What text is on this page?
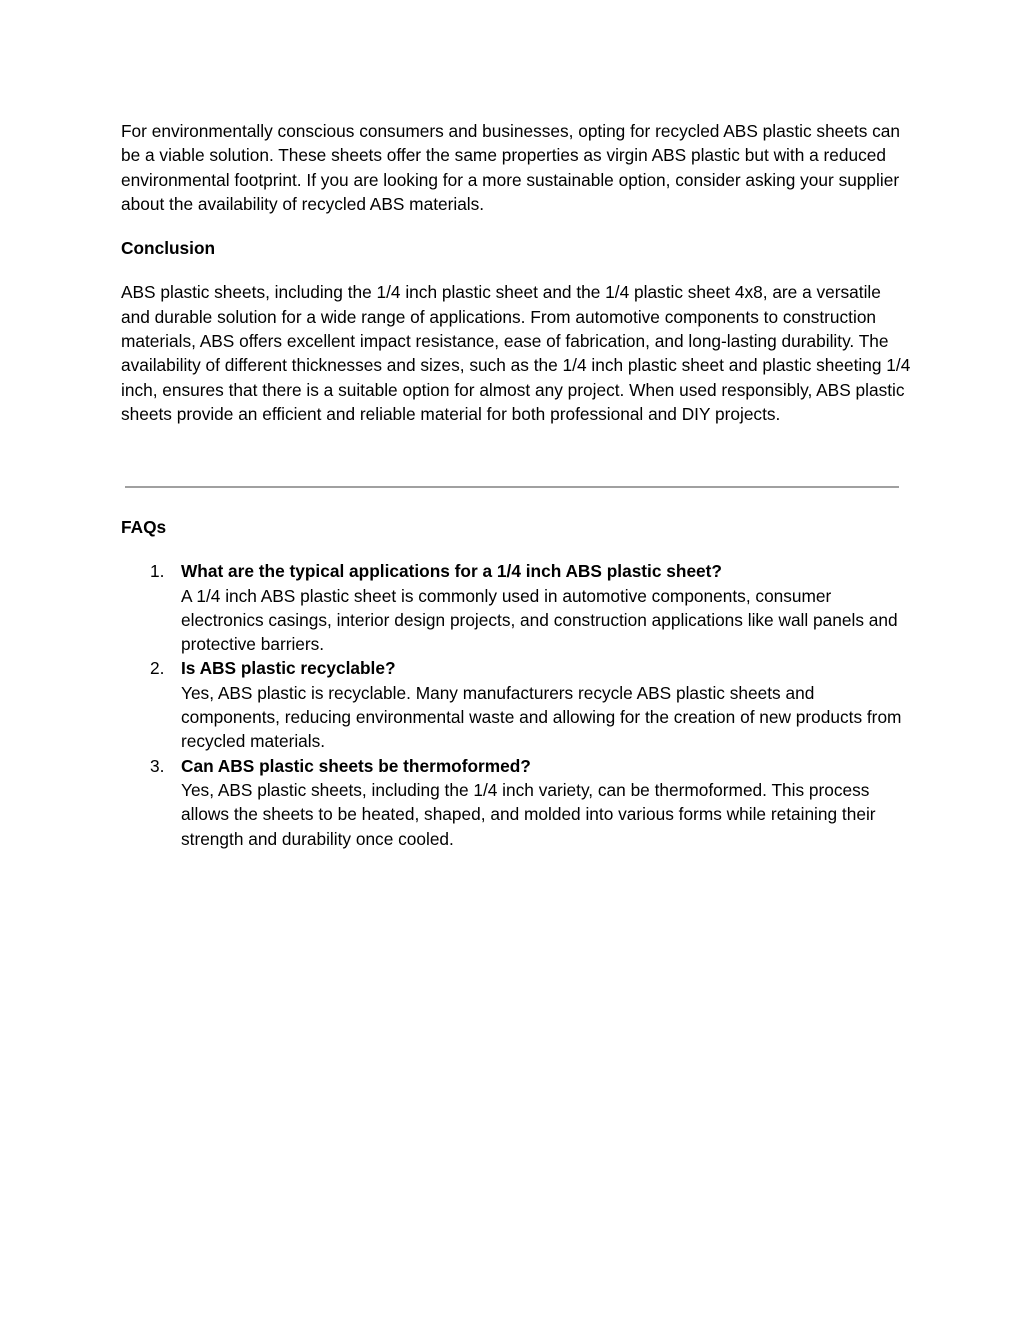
For environmentally conscious consumers and businesses, opting for recycled ABS plastic sheets can be a viable solution. These sheets offer the same properties as virgin ABS plastic but with a reduced environmental footprint. If you are looking for a more sustainable option, consider asking your supplier about the availability of recycled ABS materials.

Conclusion

ABS plastic sheets, including the 1/4 inch plastic sheet and the 1/4 plastic sheet 4x8, are a versatile and durable solution for a wide range of applications. From automotive components to construction materials, ABS offers excellent impact resistance, ease of fabrication, and long-lasting durability. The availability of different thicknesses and sizes, such as the 1/4 inch plastic sheet and plastic sheeting 1/4 inch, ensures that there is a suitable option for almost any project. When used responsibly, ABS plastic sheets provide an efficient and reliable material for both professional and DIY projects.

FAQs

1. What are the typical applications for a 1/4 inch ABS plastic sheet?
A 1/4 inch ABS plastic sheet is commonly used in automotive components, consumer electronics casings, interior design projects, and construction applications like wall panels and protective barriers.
2. Is ABS plastic recyclable?
Yes, ABS plastic is recyclable. Many manufacturers recycle ABS plastic sheets and components, reducing environmental waste and allowing for the creation of new products from recycled materials.
3. Can ABS plastic sheets be thermoformed?
Yes, ABS plastic sheets, including the 1/4 inch variety, can be thermoformed. This process allows the sheets to be heated, shaped, and molded into various forms while retaining their strength and durability once cooled.
